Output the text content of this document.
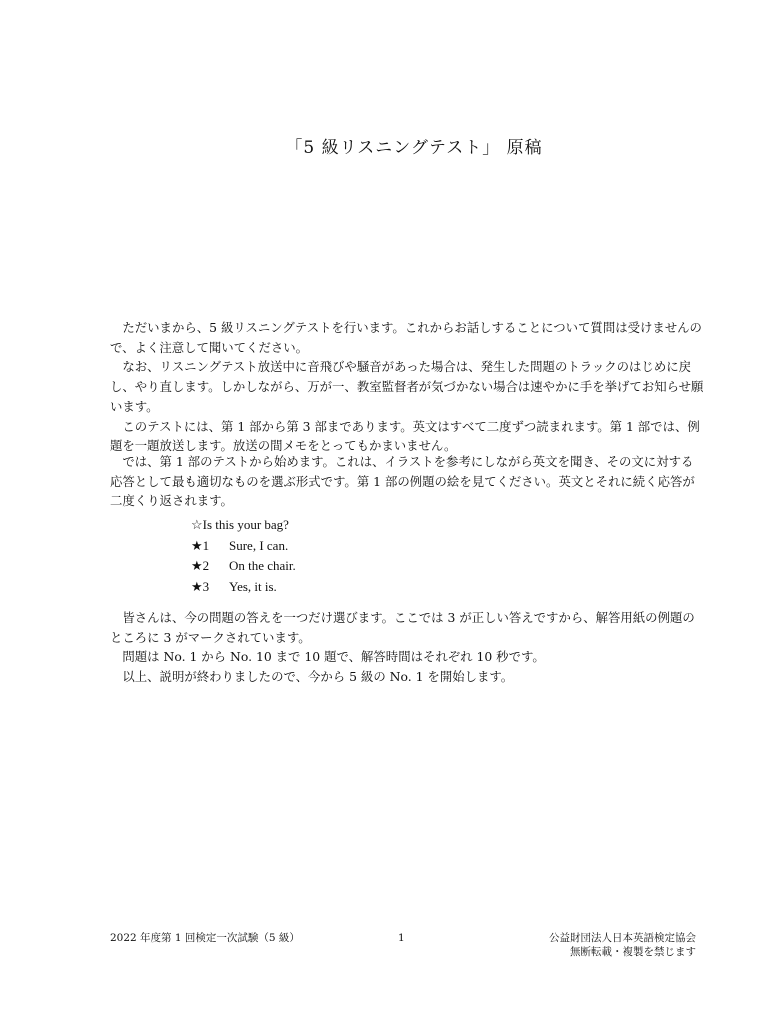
「5 級リスニングテスト」 原稿

ただいまから、5 級リスニングテストを行います。これからお話しすることについて質問は受けませんので、よく注意して聞いてください。

なお、リスニングテスト放送中に音飛びや騒音があった場合は、発生した問題のトラックのはじめに戻し、やり直します。しかしながら、万が一、教室監督者が気づかない場合は速やかに手を挙げてお知らせ願います。

このテストには、第 1 部から第 3 部まであります。英文はすべて二度ずつ読まれます。第 1 部では、例題を一題放送します。放送の間メモをとってもかまいません。

では、第 1 部のテストから始めます。これは、イラストを参考にしながら英文を聞き、その文に対する応答として最も適切なものを選ぶ形式です。第 1 部の例題の絵を見てください。英文とそれに続く応答が二度くり返されます。

☆Is this your bag?
★1 Sure, I can.
★2 On the chair.
★3 Yes, it is.

皆さんは、今の問題の答えを一つだけ選びます。ここでは 3 が正しい答えですから、解答用紙の例題のところに 3 がマークされています。

問題は No. 1 から No. 10 まで 10 題で、解答時間はそれぞれ 10 秒です。

以上、説明が終わりましたので、今から 5 級の No. 1 を開始します。

2022 年度第 1 回検定一次試験（5 級）	1	公益財団法人日本英語検定協会
無断転載・複製を禁じます
